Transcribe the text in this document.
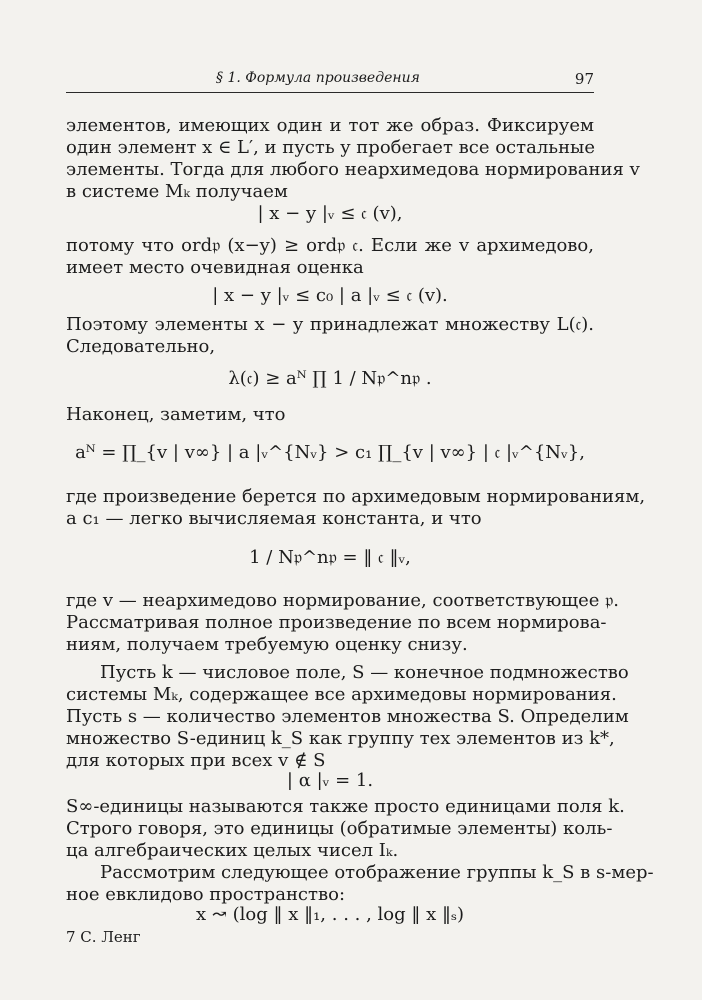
§ 1. Формула произведения	97
элементов, имеющих один и тот же образ. Фиксируем
один элемент x ∈ L′, и пусть y пробегает все остальные
элементы. Тогда для любого неархимедова нормирования v
в системе Mₖ получаем
| x − y |ᵥ ≤ 𝔠 (v),
потому что ord𝔭 (x−y) ≥ ord𝔭 𝔠. Если же v архимедово,
имеет место очевидная оценка
| x − y |ᵥ ≤ c₀ | a |ᵥ ≤ 𝔠 (v).
Поэтому элементы x − y принадлежат множеству L(𝔠).
Следовательно,
λ(𝔠) ≥ aᴺ ∏ 1 / N𝔭^n𝔭 .
Наконец, заметим, что
aᴺ = ∏_{v | v∞} | a |ᵥ^{Nᵥ} > c₁ ∏_{v | v∞} | 𝔠 |ᵥ^{Nᵥ},
где произведение берется по архимедовым нормированиям,
а c₁ — легко вычисляемая константа, и что
1 / N𝔭^n𝔭 = ‖ 𝔠 ‖ᵥ,
где v — неархимедово нормирование, соответствующее 𝔭.
Рассматривая полное произведение по всем нормирова-
ниям, получаем требуемую оценку снизу.
Пусть k — числовое поле, S — конечное подмножество
системы Mₖ, содержащее все архимедовы нормирования.
Пусть s — количество элементов множества S. Определим
множество S-единиц k_S как группу тех элементов из k*,
для которых при всех v ∉ S
| α |ᵥ = 1.
S∞-единицы называются также просто единицами поля k.
Строго говоря, это единицы (обратимые элементы) коль-
ца алгебраических целых чисел Iₖ.
Рассмотрим следующее отображение группы k_S в s-мер-
ное евклидово пространство:
x ↝ (log ‖ x ‖₁, . . . , log ‖ x ‖ₛ)
7 С. Ленг
